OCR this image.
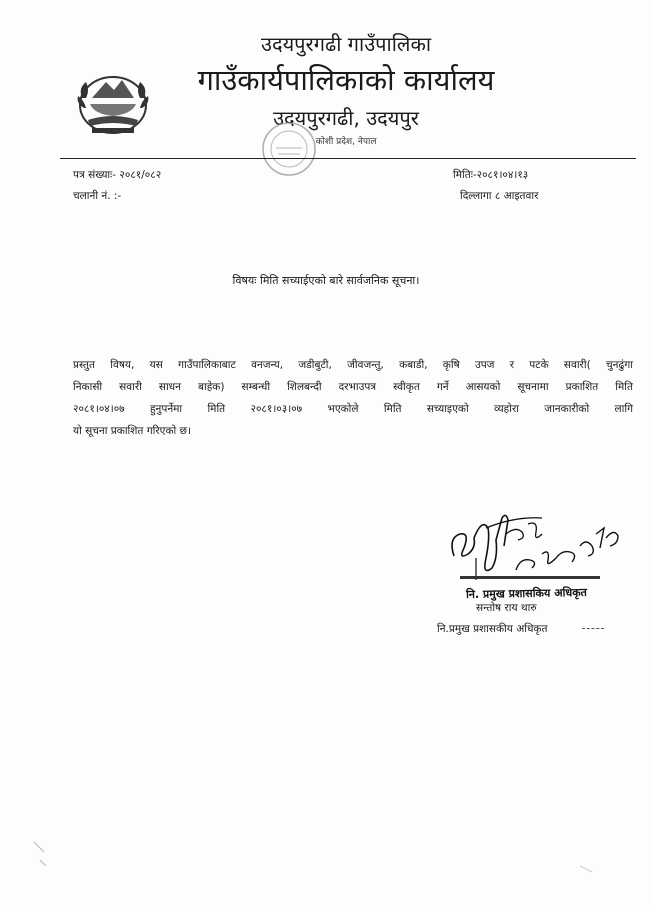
उदयपुरगढी गाउँपालिका
गाउँकार्यपालिकाको कार्यालय
उदयपुरगढी, उदयपुर
कोशी प्रदेश, नेपाल
पत्र संख्याः- २०८१/०८२
चलानी नं. :-
मितिः-२०८१।०४।१३
दिल्लागा ८ आइतवार
विषयः मिति सच्याईएको बारे सार्वजनिक सूचना।

प्रस्तुत विषय, यस गाउँपालिकाबाट वनजन्य, जडीबुटी, जीवजन्तु, कबाडी, कृषि उपज र पटके सवारी( चुनढुंगा
निकासी सवारी साधन बाहेक) सम्बन्धी शिलबन्दी दरभाउपत्र स्वीकृत गर्ने आसयको सूचनामा प्रकाशित मिति
२०८१।०४।०७ हुनुपर्नेमा मिति २०८१।०३।०७ भएकोले मिति सच्याइएको व्यहोरा जानकारीको लागि
यो सूचना प्रकाशित गरिएको छ।

नि. प्रमुख प्रशासकिय अधिकृत
सन्तोष राय थारु
नि.प्रमुख प्रशासकीय अधिकृत
